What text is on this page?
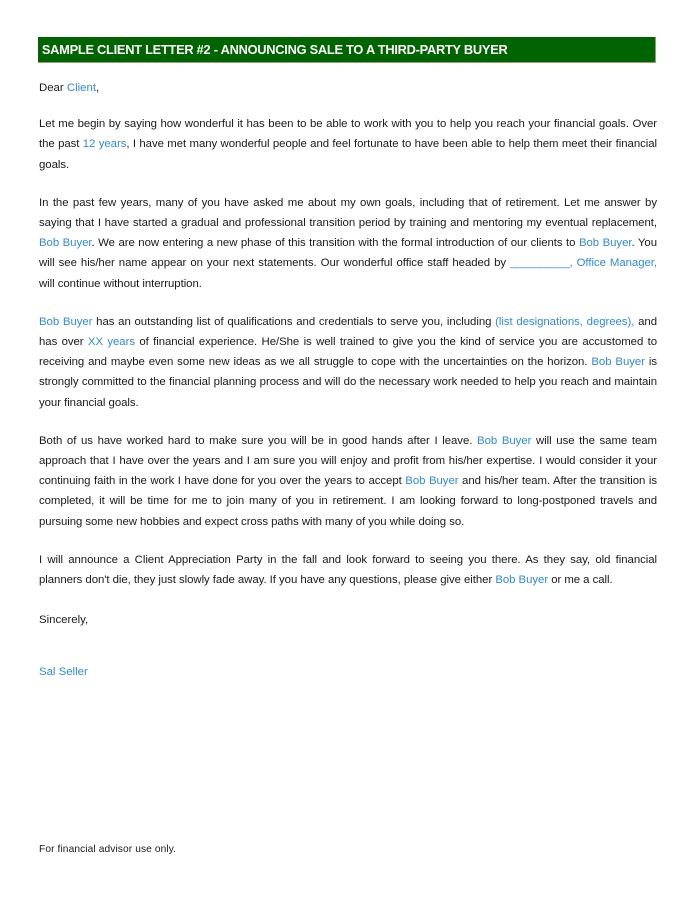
SAMPLE CLIENT LETTER #2 - ANNOUNCING SALE TO A THIRD-PARTY BUYER

Dear Client,

Let me begin by saying how wonderful it has been to be able to work with you to help you reach your financial goals. Over the past 12 years, I have met many wonderful people and feel fortunate to have been able to help them meet their financial goals.

In the past few years, many of you have asked me about my own goals, including that of retirement. Let me answer by saying that I have started a gradual and professional transition period by training and mentoring my eventual replacement, Bob Buyer. We are now entering a new phase of this transition with the formal introduction of our clients to Bob Buyer. You will see his/her name appear on your next statements. Our wonderful office staff headed by __________, Office Manager, will continue without interruption.

Bob Buyer has an outstanding list of qualifications and credentials to serve you, including (list designations, degrees), and has over XX years of financial experience. He/She is well trained to give you the kind of service you are accustomed to receiving and maybe even some new ideas as we all struggle to cope with the uncertainties on the horizon. Bob Buyer is strongly committed to the financial planning process and will do the necessary work needed to help you reach and maintain your financial goals.

Both of us have worked hard to make sure you will be in good hands after I leave. Bob Buyer will use the same team approach that I have over the years and I am sure you will enjoy and profit from his/her expertise. I would consider it your continuing faith in the work I have done for you over the years to accept Bob Buyer and his/her team. After the transition is completed, it will be time for me to join many of you in retirement. I am looking forward to long-postponed travels and pursuing some new hobbies and expect cross paths with many of you while doing so.

I will announce a Client Appreciation Party in the fall and look forward to seeing you there. As they say, old financial planners don't die, they just slowly fade away. If you have any questions, please give either Bob Buyer or me a call.

Sincerely,

Sal Seller

For financial advisor use only.
